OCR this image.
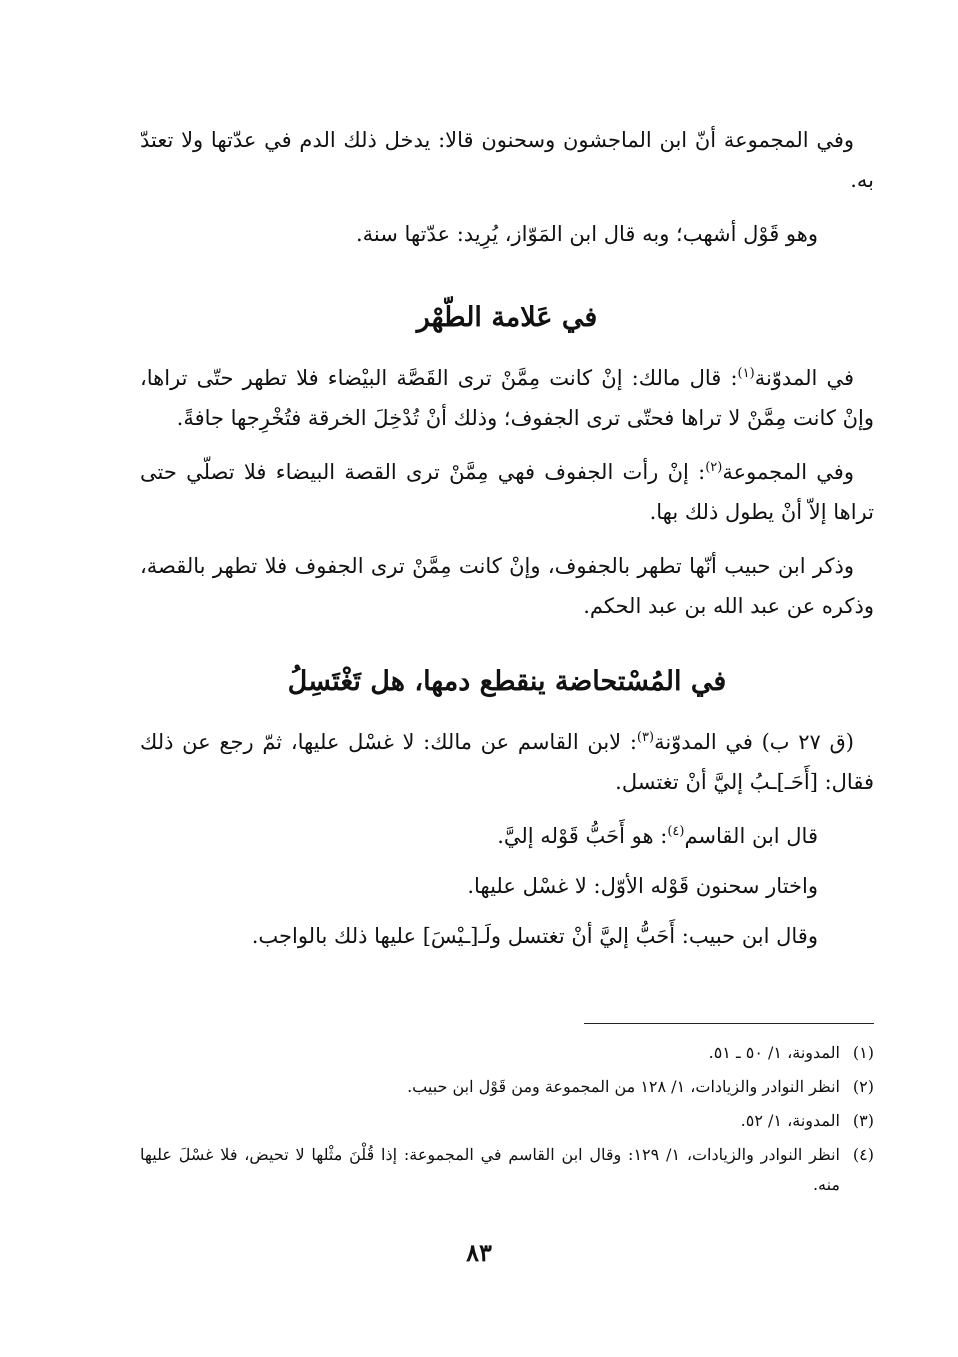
وفي المجموعة أنّ ابن الماجشون وسحنون قالا: يدخل ذلك الدم في عدّتها ولا تعتدّ به.

وهو قَوْل أشهب؛ وبه قال ابن المَوّاز، يُرِيد: عدّتها سنة.

في عَلامة الطّهْر

في المدوّنة$^{(١)}$: قال مالك: إنْ كانت مِمَّنْ ترى القَصَّة البيْضاء فلا تطهر حتّى تراها، وإنْ كانت مِمَّنْ لا تراها فحتّى ترى الجفوف؛ وذلك أنْ تُدْخِلَ الخرقة فتُخْرِجها جافةً.

وفي المجموعة$^{(٢)}$: إنْ رأت الجفوف فهي مِمَّنْ ترى القصة البيضاء فلا تصلّي حتى تراها إلاّ أنْ يطول ذلك بها.

وذكر ابن حبيب أنّها تطهر بالجفوف، وإنْ كانت مِمَّنْ ترى الجفوف فلا تطهر بالقصة، وذكره عن عبد الله بن عبد الحكم.

في المُسْتحاضة ينقطع دمها، هل تَغْتَسِلُ

(ق ٢٧ ب) في المدوّنة$^{(٣)}$: لابن القاسم عن مالك: لا غسْل عليها، ثمّ رجع عن ذلك فقال: [أَحَـ]ـبُ إليَّ أنْ تغتسل.

قال ابن القاسم$^{(٤)}$: هو أَحَبُّ قَوْله إليَّ.

واختار سحنون قَوْله الأوّل: لا غسْل عليها.

وقال ابن حبيب: أَحَبُّ إليَّ أنْ تغتسل ولَـ[ـيْسَ] عليها ذلك بالواجب.

(١)
المدونة، ١/ ٥٠ ـ ٥١.
(٢)
انظر النوادر والزيادات، ١/ ١٢٨ من المجموعة ومن قَوْل ابن حبيب.
(٣)
المدونة، ١/ ٥٢.
(٤)
انظر النوادر والزيادات، ١/ ١٢٩: وقال ابن القاسم في المجموعة: إذا قُلْنَ مثْلها لا تحيض، فلا غسْلَ عليها منه.
٨٣
